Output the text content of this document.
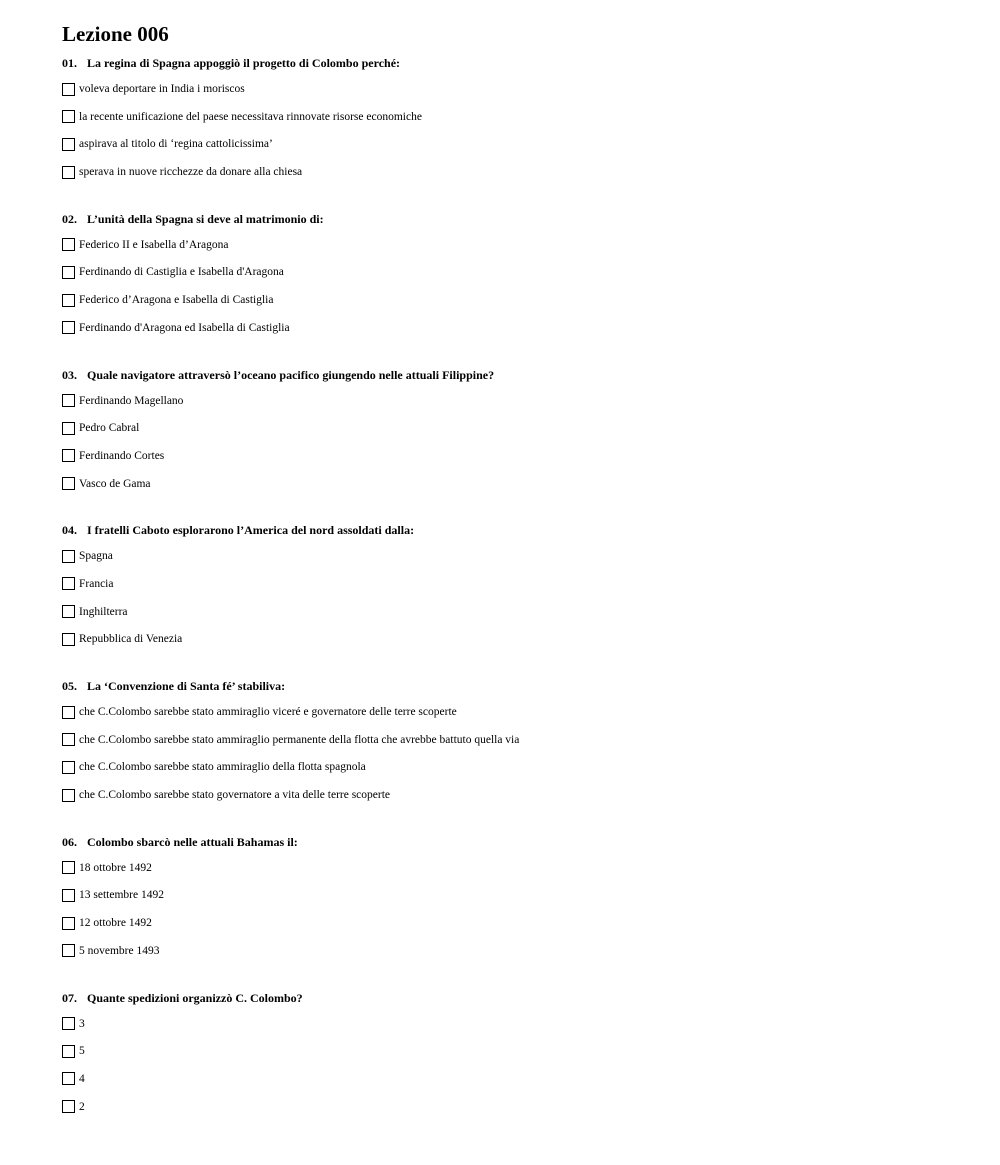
Lezione 006
01. La regina di Spagna appoggiò il progetto di Colombo perché:
voleva deportare in India i moriscos
la recente unificazione del paese necessitava rinnovate risorse economiche
aspirava al titolo di ‘regina cattolicissima’
sperava in nuove ricchezze da donare alla chiesa
02. L’unità della Spagna si deve al matrimonio di:
Federico II e Isabella d’Aragona
Ferdinando di Castiglia e Isabella d'Aragona
Federico d’Aragona e Isabella di Castiglia
Ferdinando d'Aragona ed Isabella di Castiglia
03. Quale navigatore attraversò l’oceano pacifico giungendo nelle attuali Filippine?
Ferdinando Magellano
Pedro Cabral
Ferdinando Cortes
Vasco de Gama
04. I fratelli Caboto esplorarono l’America del nord assoldati dalla:
Spagna
Francia
Inghilterra
Repubblica di Venezia
05. La ‘Convenzione di Santa fé’ stabiliva:
che C.Colombo sarebbe stato ammiraglio viceré e governatore delle terre scoperte
che C.Colombo sarebbe stato ammiraglio permanente della flotta che avrebbe battuto quella via
che C.Colombo sarebbe stato ammiraglio della flotta spagnola
che C.Colombo sarebbe stato governatore a vita delle terre scoperte
06. Colombo sbarcò nelle attuali Bahamas il:
18 ottobre 1492
13 settembre 1492
12 ottobre 1492
5 novembre 1493
07. Quante spedizioni organizzò C. Colombo?
3
5
4
2
